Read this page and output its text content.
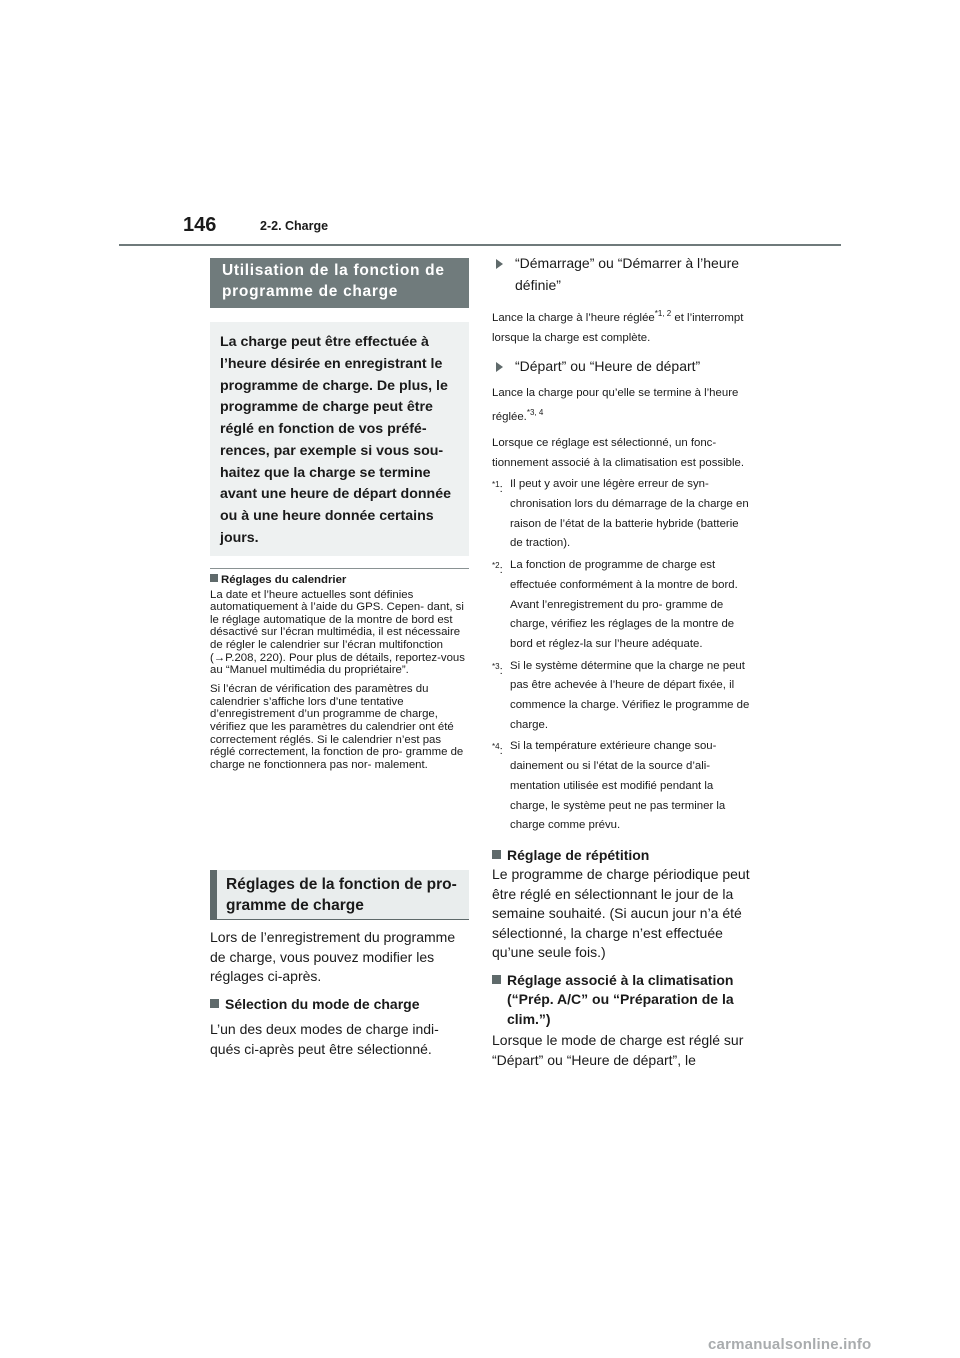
146	2-2. Charge
Utilisation de la fonction de programme de charge
La charge peut être effectuée à l’heure désirée en enregistrant le programme de charge. De plus, le programme de charge peut être réglé en fonction de vos préfé- rences, par exemple si vous sou- haitez que la charge se termine avant une heure de départ donnée ou à une heure donnée certains jours.
Réglages du calendrier
La date et l’heure actuelles sont définies automatiquement à l’aide du GPS. Cepen- dant, si le réglage automatique de la montre de bord est désactivé sur l’écran multimédia, il est nécessaire de régler le calendrier sur l’écran multifonction (→P.208, 220). Pour plus de détails, reportez-vous au “Manuel multimédia du propriétaire”.
Si l’écran de vérification des paramètres du calendrier s’affiche lors d’une tentative d’enregistrement d’un programme de charge, vérifiez que les paramètres du calendrier ont été correctement réglés. Si le calendrier n’est pas réglé correctement, la fonction de pro- gramme de charge ne fonctionnera pas nor- malement.
Réglages de la fonction de pro- gramme de charge
Lors de l’enregistrement du programme de charge, vous pouvez modifier les réglages ci-après.
Sélection du mode de charge
L’un des deux modes de charge indi- qués ci-après peut être sélectionné.
“Démarrage” ou “Démarrer à l’heure définie”
Lance la charge à l’heure réglée$^{*1, 2}$ et l’interrompt lorsque la charge est complète.
“Départ” ou “Heure de départ”
Lance la charge pour qu’elle se termine à l’heure réglée.$^{*3, 4}$
Lorsque ce réglage est sélectionné, un fonc- tionnement associé à la climatisation est possible.
$^{*1}$: Il peut y avoir une légère erreur de syn- chronisation lors du démarrage de la charge en raison de l’état de la batterie hybride (batterie de traction).
$^{*2}$: La fonction de programme de charge est effectuée conformément à la montre de bord. Avant l’enregistrement du pro- gramme de charge, vérifiez les réglages de la montre de bord et réglez-la sur l’heure adéquate.
$^{*3}$: Si le système détermine que la charge ne peut pas être achevée à l’heure de départ fixée, il commence la charge. Vérifiez le programme de charge.
$^{*4}$: Si la température extérieure change sou- dainement ou si l’état de la source d’ali- mentation utilisée est modifié pendant la charge, le système peut ne pas terminer la charge comme prévu.
Réglage de répétition
Le programme de charge périodique peut être réglé en sélectionnant le jour de la semaine souhaité. (Si aucun jour n’a été sélectionné, la charge n’est effectuée qu’une seule fois.)
Réglage associé à la climatisation (“Prép. A/C” ou “Préparation de la clim.”)
Lorsque le mode de charge est réglé sur “Départ” ou “Heure de départ”, le
carmanualsonline.info
